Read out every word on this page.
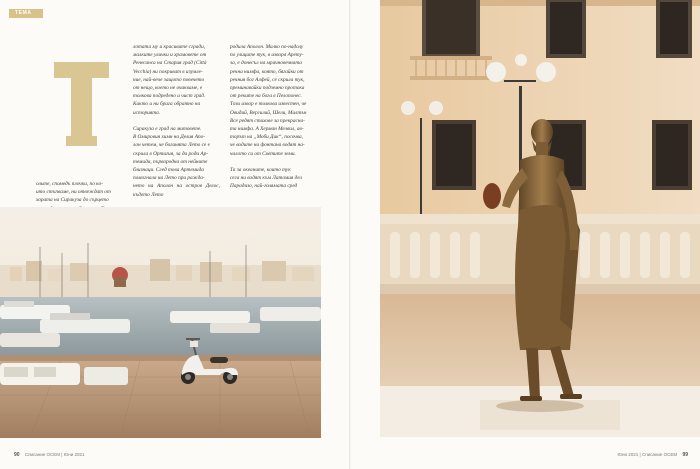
ТЕМА
ольте, спомедъ плочки, по ко-
ито стъпваме, ни отвеждат от
хората на Сиракуза до сърцето

лотата му и красивите сгради,
малките улички и храмовете от
Ренесанса на Стария град (Città
Vecchia) ни покриват в изумле-
ние, най-вече защото повечето
от нещо, което не очакваме, е
толкова подредено и чист град.
Както и ни брига обратно на
историята.

Сиракуза е град на митовете.
В Омировия химн на Делия Апо-
лон четем, че богинята Лето се е
скрила в Ортигия, за да роди Ар-
темида, първородна от нейните
близнаци. След това Артемида
помогнала на Лето при ражда-
нето на Аполон на остров Делос, където Лето
родила Аполон. Малко по-надолу
по улиците тук, в извора Арету-
за, е донесъл на мрачновечната
речна нимфа, която, бягайки от
речния бог Алфей, се скрила тук,
преминавайки подземно протока
от реките на бога в Пелопонес.
Този извор е толкова известен, че
Овидий, Вергилий, Шели, Милтън
Все редят стихове за прекрасна-
та нимфа. А Херман Мелвил, ав-
торът на „Моби Дик“, посочва,
че водите на фонтана водят на-
чалото си от Светите земи.

Та за океаните, които тук
сега ни водят към Латомия дел
Парадизо, най-голямата сред
90 Списание ОСЕМ | Юни 2021	Юни 2021 | Списание ОСЕМ 99
